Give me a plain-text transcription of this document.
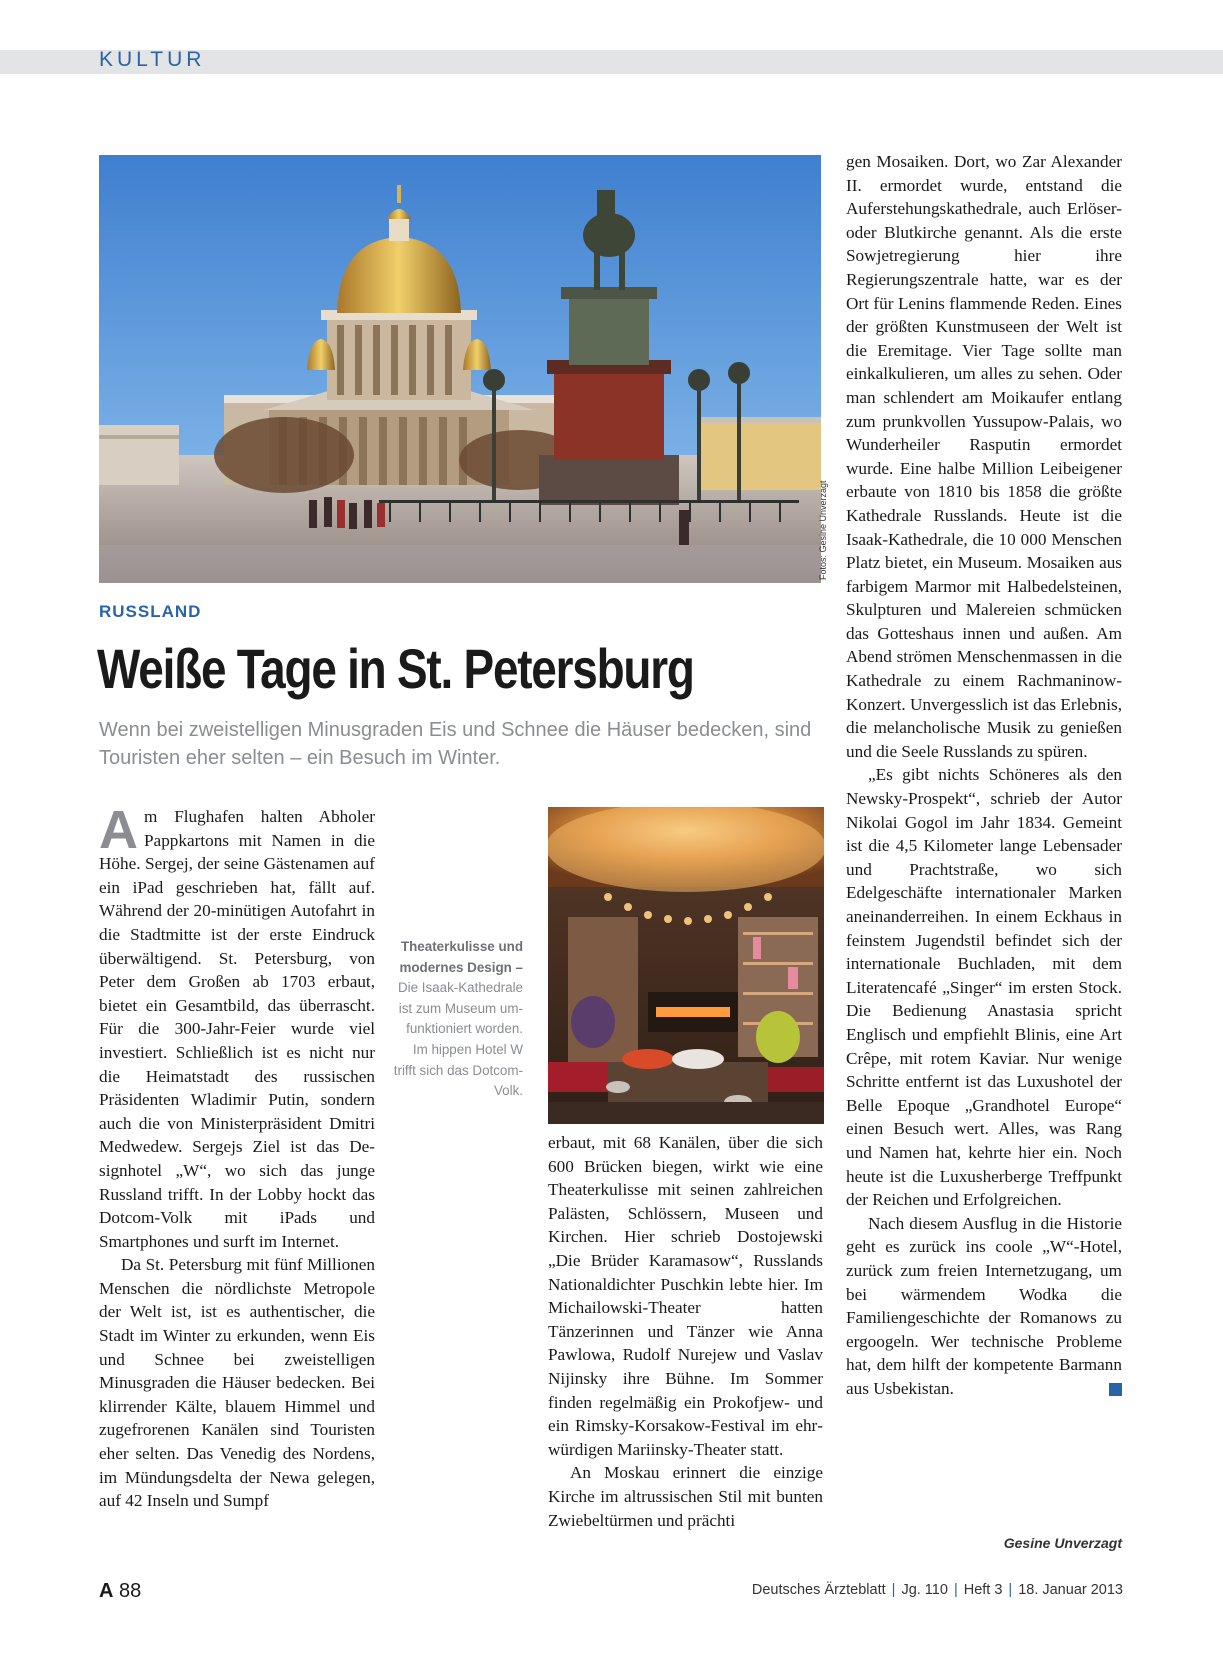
KULTUR
Fotos: Gesine Unverzagt
RUSSLAND
Weiße Tage in St. Petersburg
Wenn bei zweistelligen Minusgraden Eis und Schnee die Häuser bedecken, sind Touristen eher selten – ein Besuch im Winter.
A m Flughafen halten Abholer Pappkartons mit Namen in die Höhe. Sergej, der seine Gästenamen auf ein iPad geschrieben hat, fällt auf. Während der 20-minütigen Autofahrt in die Stadtmitte ist der erste Eindruck überwältigend. St. Petersburg, von Peter dem Großen ab 1703 erbaut, bietet ein Gesamtbild, das überrascht. Für die 300-Jahr-Feier wurde viel investiert. Schließlich ist es nicht nur die Heimatstadt des russischen Präsidenten Wladimir Putin, sondern auch die von Ministerpräsident Dmitri Medwedew. Sergejs Ziel ist das Designhotel „W“, wo sich das junge Russland trifft. In der Lobby hockt das Dotcom-Volk mit iPads und Smartphones und surft im Internet.

Da St. Petersburg mit fünf Millionen Menschen die nördlichste Metropole der Welt ist, ist es authentischer, die Stadt im Winter zu erkunden, wenn Eis und Schnee bei zweistelligen Minusgraden die Häuser bedecken. Bei klirrender Kälte, blauem Himmel und zugefrorenen Kanälen sind Touristen eher selten. Das Venedig des Nordens, im Mündungsdelta der Newa gelegen, auf 42 Inseln und Sumpf

Theaterkulisse und modernes Design – Die Isaak-Kathedrale ist zum Museum umfunktioniert worden. Im hippen Hotel W trifft sich das Dotcom-Volk.

erbaut, mit 68 Kanälen, über die sich 600 Brücken biegen, wirkt wie eine Theaterkulisse mit seinen zahlreichen Palästen, Schlössern, Museen und Kirchen. Hier schrieb Dostojewski „Die Brüder Karamasow“, Russlands Nationaldichter Puschkin lebte hier. Im Michailowski-Theater hatten Tänzerinnen und Tänzer wie Anna Pawlowa, Rudolf Nurejew und Vaslav Nijinsky ihre Bühne. Im Sommer finden regelmäßig ein Prokofjew- und ein Rimsky-Korsakow-Festival im ehrwürdigen Mariinsky-Theater statt.

An Moskau erinnert die einzige Kirche im altrussischen Stil mit bunten Zwiebeltürmen und prächti

gen Mosaiken. Dort, wo Zar Alexander II. ermordet wurde, entstand die Auferstehungskathedrale, auch Erlöser- oder Blutkirche genannt. Als die erste Sowjetregierung hier ihre Regierungszentrale hatte, war es der Ort für Lenins flammende Reden. Eines der größten Kunstmuseen der Welt ist die Eremitage. Vier Tage sollte man einkalkulieren, um alles zu sehen. Oder man schlendert am Moikaufer entlang zum prunkvollen Yussupow-Palais, wo Wunderheiler Rasputin ermordet wurde. Eine halbe Million Leibeigener erbaute von 1810 bis 1858 die größte Kathedrale Russlands. Heute ist die Isaak-Kathedrale, die 10 000 Menschen Platz bietet, ein Museum. Mosaiken aus farbigem Marmor mit Halbedelsteinen, Skulpturen und Malereien schmücken das Gotteshaus innen und außen. Am Abend strömen Menschenmassen in die Kathedrale zu einem Rachmaninow-Konzert. Unvergesslich ist das Erlebnis, die melancholische Musik zu genießen und die Seele Russlands zu spüren.

„Es gibt nichts Schöneres als den Newsky-Prospekt“, schrieb der Autor Nikolai Gogol im Jahr 1834. Gemeint ist die 4,5 Kilometer lange Lebensader und Prachtstraße, wo sich Edelgeschäfte internationaler Marken aneinanderreihen. In einem Eckhaus in feinstem Jugendstil befindet sich der internationale Buchladen, mit dem Literatencafé „Singer“ im ersten Stock. Die Bedienung Anastasia spricht Englisch und empfiehlt Blinis, eine Art Crêpe, mit rotem Kaviar. Nur wenige Schritte entfernt ist das Luxushotel der Belle Epoque „Grandhotel Europe“ einen Besuch wert. Alles, was Rang und Namen hat, kehrte hier ein. Noch heute ist die Luxusherberge Treffpunkt der Reichen und Erfolgreichen.

Nach diesem Ausflug in die Historie geht es zurück ins coole „W“-Hotel, zurück zum freien Internetzugang, um bei wärmendem Wodka die Familiengeschichte der Romanows zu ergoogeln. Wer technische Probleme hat, dem hilft der kompetente Barmann aus Usbekistan.

Gesine Unverzagt
A 88	Deutsches Ärzteblatt | Jg. 110 | Heft 3 | 18. Januar 2013
